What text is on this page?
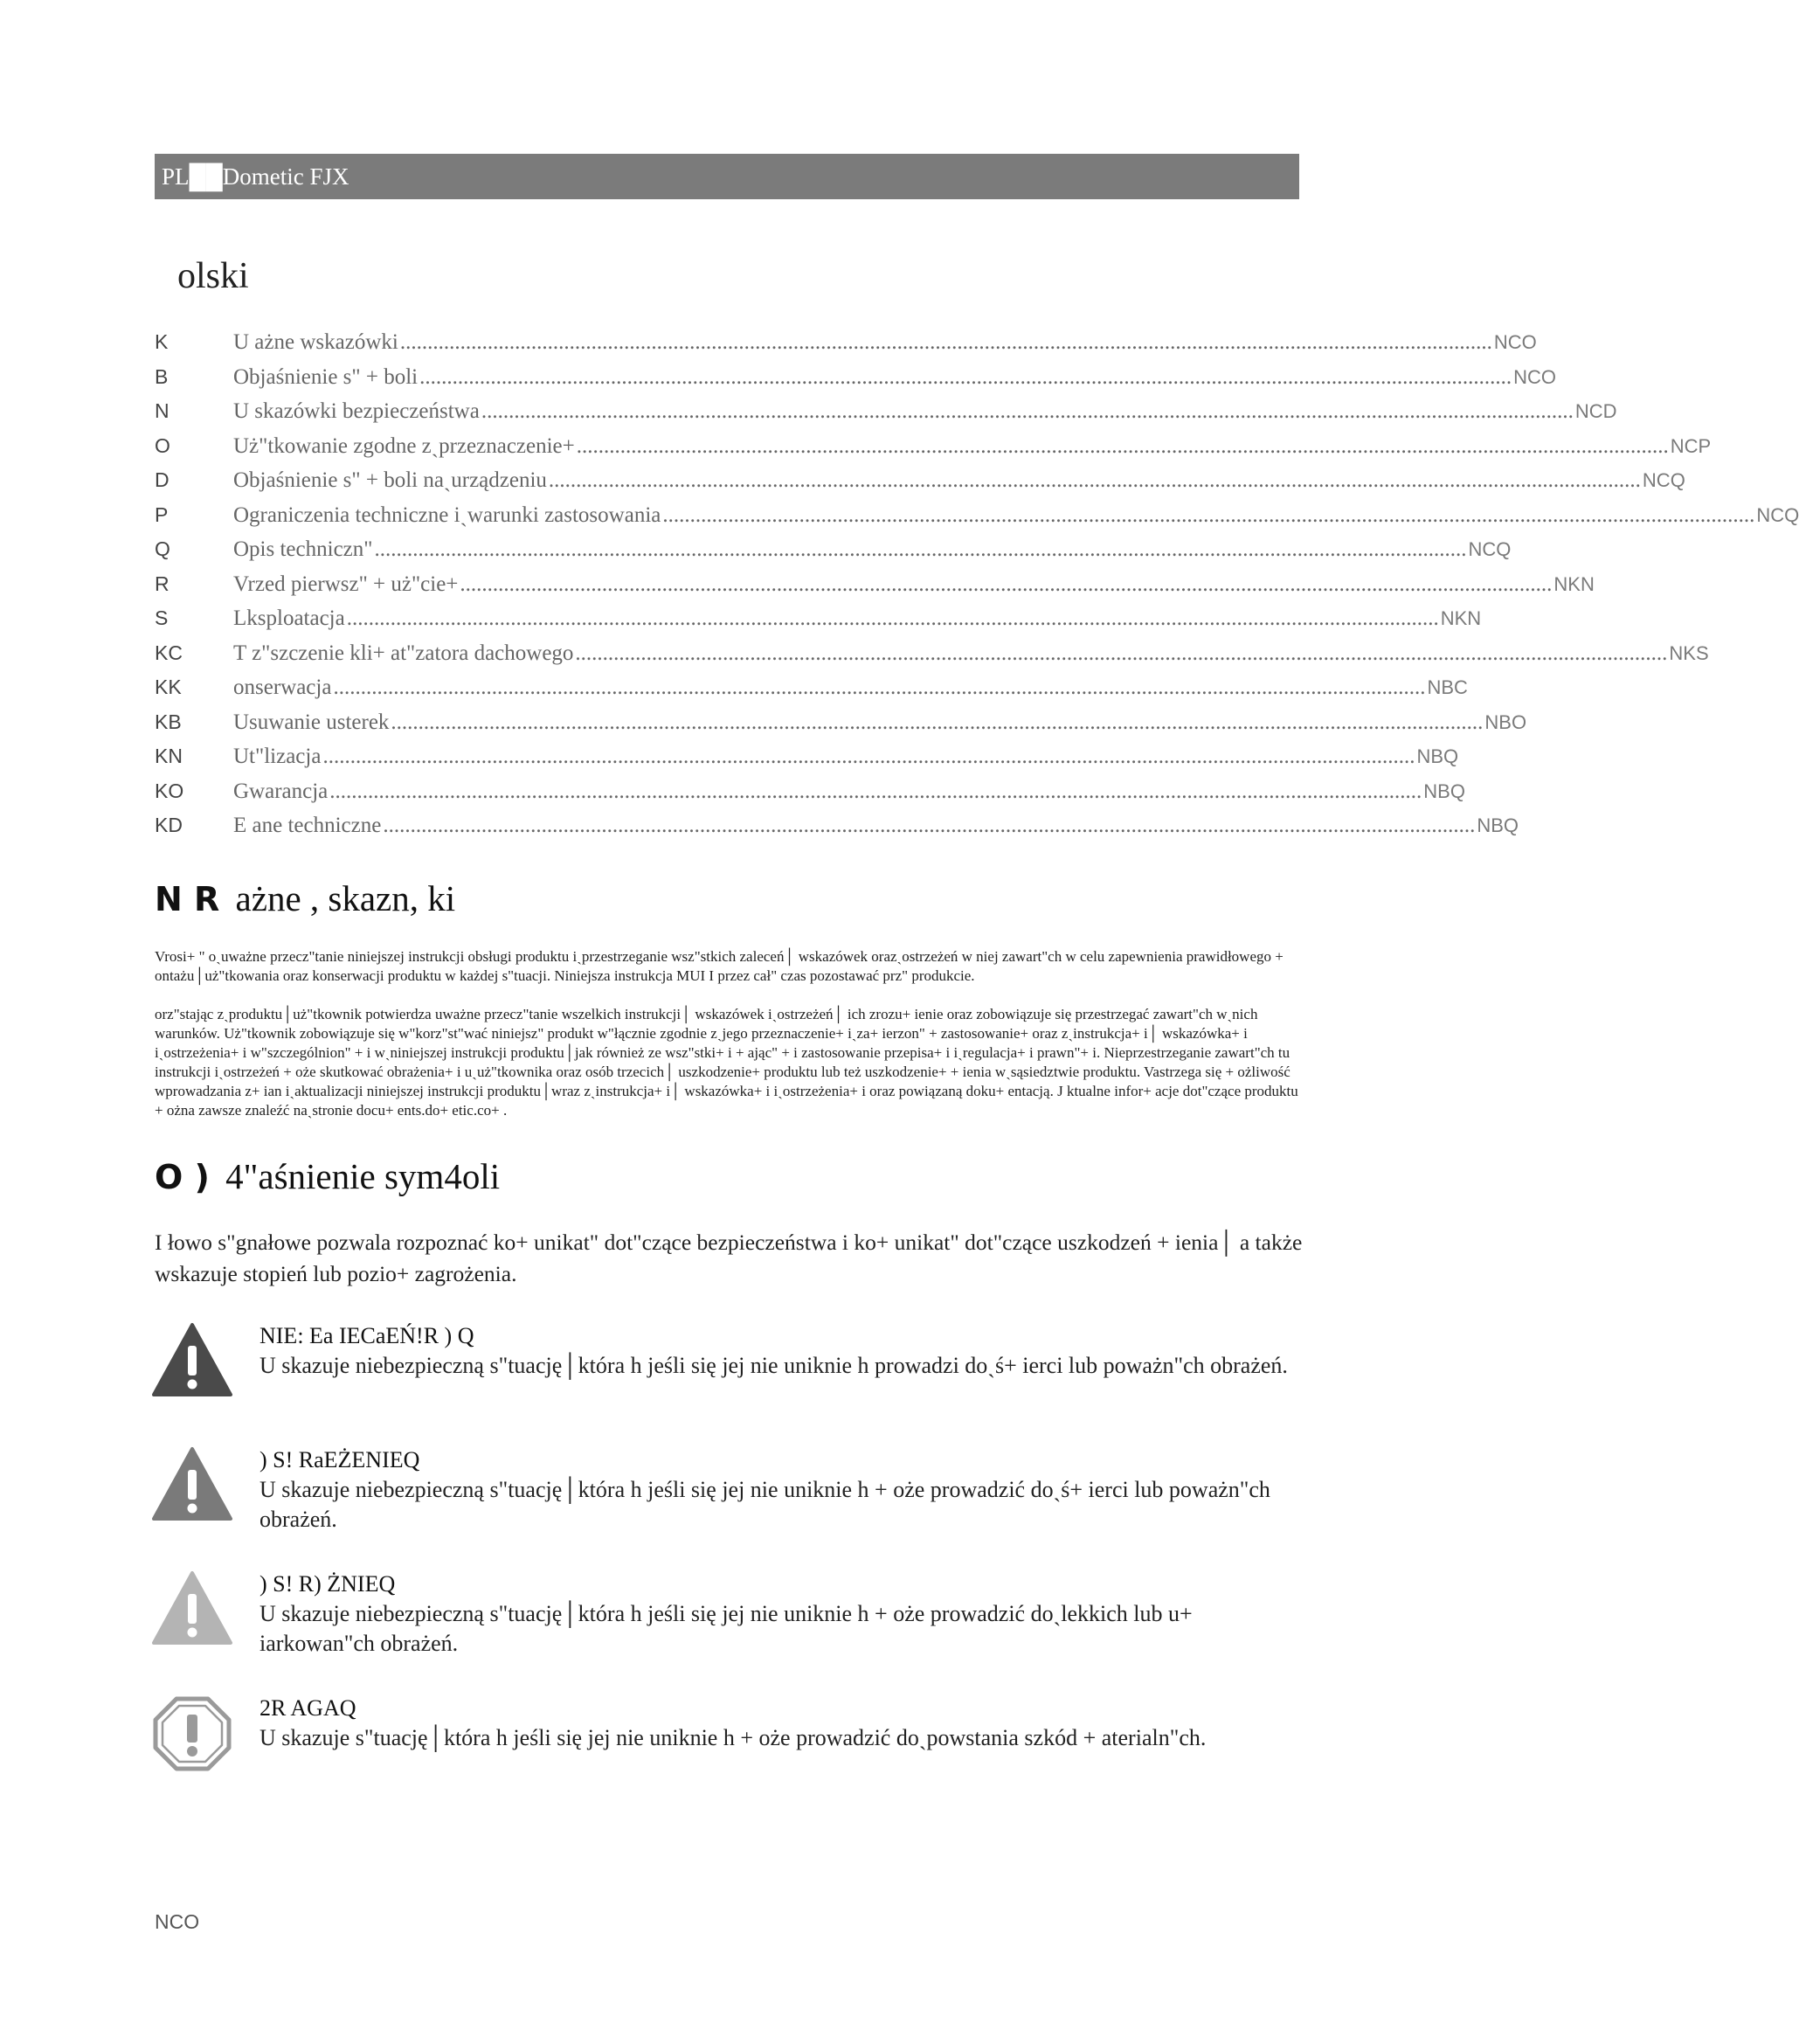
PL██Dometic FJX
olski
K	U ażne wskazówki ........................................................................................................................................................................................................ NCO
B	Objaśnienie s" + boli ........................................................................................................................................................................................................ NCO
N	U skazówki bezpieczeństwa ........................................................................................................................................................................................................ NCD
O	Uż"tkowanie zgodne zˏprzeznaczenie+ ........................................................................................................................................................................................................ NCP
D	Objaśnienie s" + boli naˏurządzeniu ........................................................................................................................................................................................................ NCQ
P	Ograniczenia techniczne iˏwarunki zastosowania ........................................................................................................................................................................................................ NCQ
Q	Opis techniczn" ........................................................................................................................................................................................................ NCQ
R	Vrzed pierwsz" + uż"cie+ ........................................................................................................................................................................................................ NKN
S	Lksploatacja ........................................................................................................................................................................................................ NKN
KC	T z"szczenie kli+ at"zatora dachowego ........................................................................................................................................................................................................ NKS
KK	onserwacja ........................................................................................................................................................................................................ NBC
KB	Usuwanie usterek ........................................................................................................................................................................................................ NBO
KN	Ut"lizacja ........................................................................................................................................................................................................ NBQ
KO	Gwarancja ........................................................................................................................................................................................................ NBQ
KD	E ane techniczne ........................................................................................................................................................................................................ NBQ
N R ażne , skazn, ki
Vrosi+ " oˏuważne przecz"tanie niniejszej instrukcji obsługi produktu iˏprzestrzeganie wsz"stkich zaleceń│ wskazówek orazˏostrzeżeń w niej zawart"ch w celu zapewnienia prawidłowego + ontażu│uż"tkowania oraz konserwacji produktu w każdej s"tuacji. Niniejsza instrukcja MUI I przez cał" czas pozostawać prz" produkcie.
orz"stając zˏproduktu│uż"tkownik potwierdza uważne przecz"tanie wszelkich instrukcji│ wskazówek iˏostrzeżeń│ ich zrozu+ ienie oraz zobowiązuje się przestrzegać zawart"ch wˏnich warunków. Uż"tkownik zobowiązuje się w"korz"st"wać niniejsz" produkt w"łącznie zgodnie zˏjego przeznaczenie+ iˏza+ ierzon" + zastosowanie+ oraz zˏinstrukcja+ i│ wskazówka+ i iˏostrzeżenia+ i w"szczególnion" + i wˏniniejszej instrukcji produktu│jak również ze wsz"stki+ i + ając" + i zastosowanie przepisa+ i iˏregulacja+ i prawn"+ i. Nieprzestrzeganie zawart"ch tu instrukcji iˏostrzeżeń + oże skutkować obrażenia+ i uˏuż"tkownika oraz osób trzecich│ uszkodzenie+ produktu lub też uszkodzenie+ + ienia wˏsąsiedztwie produktu. Vastrzega się + ożliwość wprowadzania z+ ian iˏaktualizacji niniejszej instrukcji produktu│wraz zˏinstrukcja+ i│ wskazówka+ i iˏostrzeżenia+ i oraz powiązaną doku+ entacją. J ktualne infor+ acje dot"czące produktu + ożna zawsze znaleźć naˏstronie docu+ ents.do+ etic.co+ .
O ) 4"aśnienie sym4oli
I łowo s"gnałowe pozwala rozpoznać ko+ unikat" dot"czące bezpieczeństwa i ko+ unikat" dot"czące uszkodzeń + ienia│ a także wskazuje stopień lub pozio+ zagrożenia.
NIE: Ea IECaEŃ!R ) Q
U skazuje niebezpieczną s"tuację│która h jeśli się jej nie uniknie h prowadzi doˏś+ ierci lub poważn"ch obrażeń.
) S! RaEŻENIEQ
U skazuje niebezpieczną s"tuację│która h jeśli się jej nie uniknie h + oże prowadzić doˏś+ ierci lub poważn"ch obrażeń.
) S! R) ŻNIEQ
U skazuje niebezpieczną s"tuację│która h jeśli się jej nie uniknie h + oże prowadzić doˏlekkich lub u+ iarkowan"ch obrażeń.
2R AGAQ
U skazuje s"tuację│która h jeśli się jej nie uniknie h + oże prowadzić doˏpowstania szkód + aterialn"ch.
NCO
